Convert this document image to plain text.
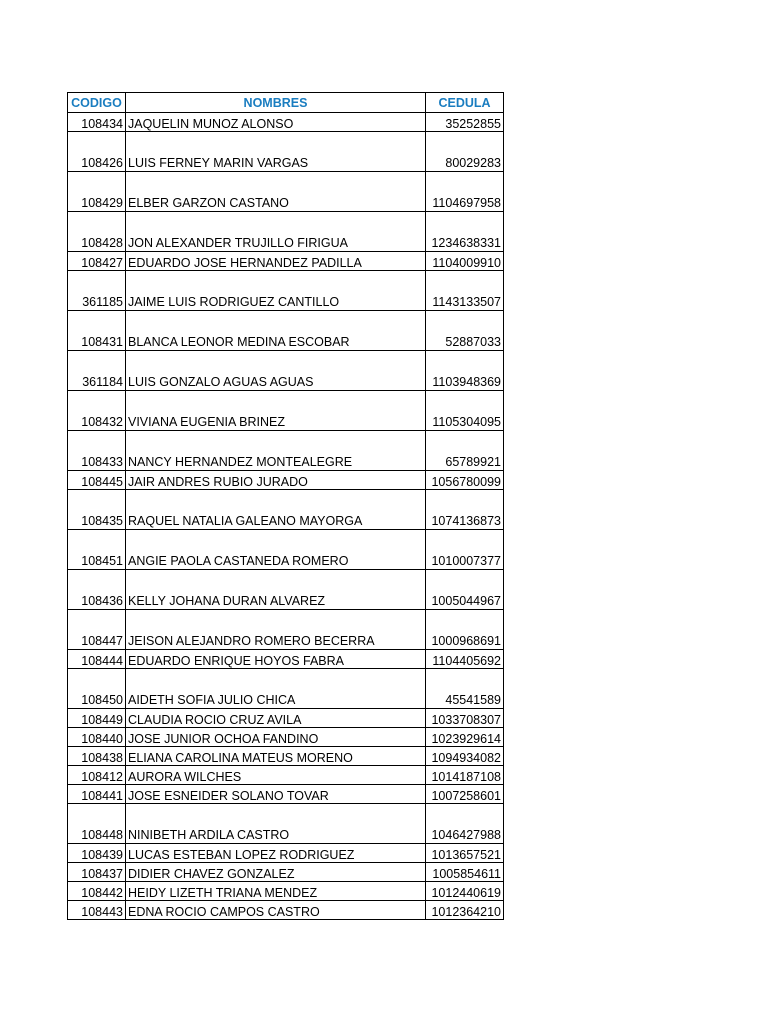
CODIGO	NOMBRES	CEDULA
108434	JAQUELIN MUNOZ ALONSO	35252855
108426	LUIS FERNEY MARIN VARGAS	80029283
108429	ELBER GARZON CASTANO	1104697958
108428	JON ALEXANDER TRUJILLO FIRIGUA	1234638331
108427	EDUARDO JOSE HERNANDEZ PADILLA	1104009910
361185	JAIME LUIS RODRIGUEZ CANTILLO	1143133507
108431	BLANCA LEONOR MEDINA ESCOBAR	52887033
361184	LUIS GONZALO AGUAS AGUAS	1103948369
108432	VIVIANA EUGENIA BRINEZ	1105304095
108433	NANCY HERNANDEZ MONTEALEGRE	65789921
108445	JAIR ANDRES RUBIO JURADO	1056780099
108435	RAQUEL NATALIA GALEANO MAYORGA	1074136873
108451	ANGIE PAOLA CASTANEDA ROMERO	1010007377
108436	KELLY JOHANA DURAN ALVAREZ	1005044967
108447	JEISON ALEJANDRO ROMERO BECERRA	1000968691
108444	EDUARDO ENRIQUE HOYOS FABRA	1104405692
108450	AIDETH SOFIA JULIO CHICA	45541589
108449	CLAUDIA ROCIO CRUZ AVILA	1033708307
108440	JOSE JUNIOR OCHOA FANDINO	1023929614
108438	ELIANA CAROLINA MATEUS MORENO	1094934082
108412	AURORA WILCHES	1014187108
108441	JOSE ESNEIDER SOLANO TOVAR	1007258601
108448	NINIBETH ARDILA CASTRO	1046427988
108439	LUCAS ESTEBAN LOPEZ RODRIGUEZ	1013657521
108437	DIDIER CHAVEZ GONZALEZ	1005854611
108442	HEIDY LIZETH TRIANA MENDEZ	1012440619
108443	EDNA ROCIO CAMPOS CASTRO	1012364210
